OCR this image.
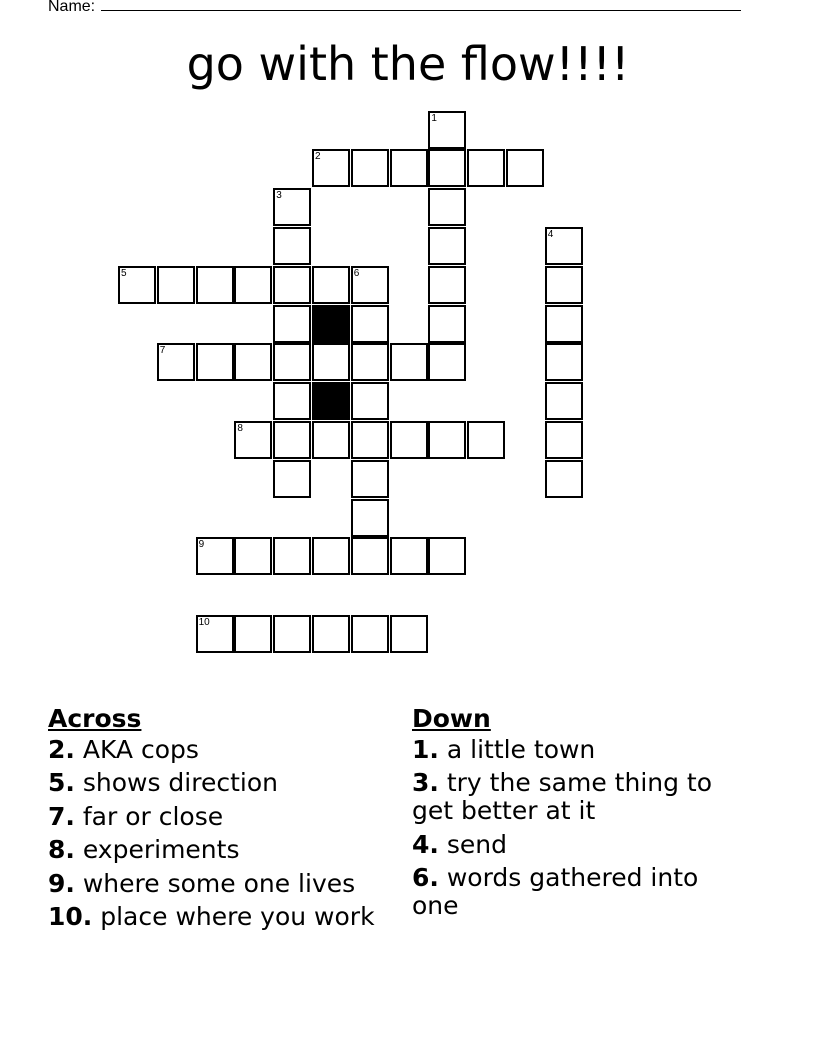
Name:
go with the flow!!!!
1
2
3
4
5	6
7
8
9
10
Across
2. AKA cops
5. shows direction
7. far or close
8. experiments
9. where some one lives
10. place where you work
Down
1. a little town
3. try the same thing to get better at it
4. send
6. words gathered into one
